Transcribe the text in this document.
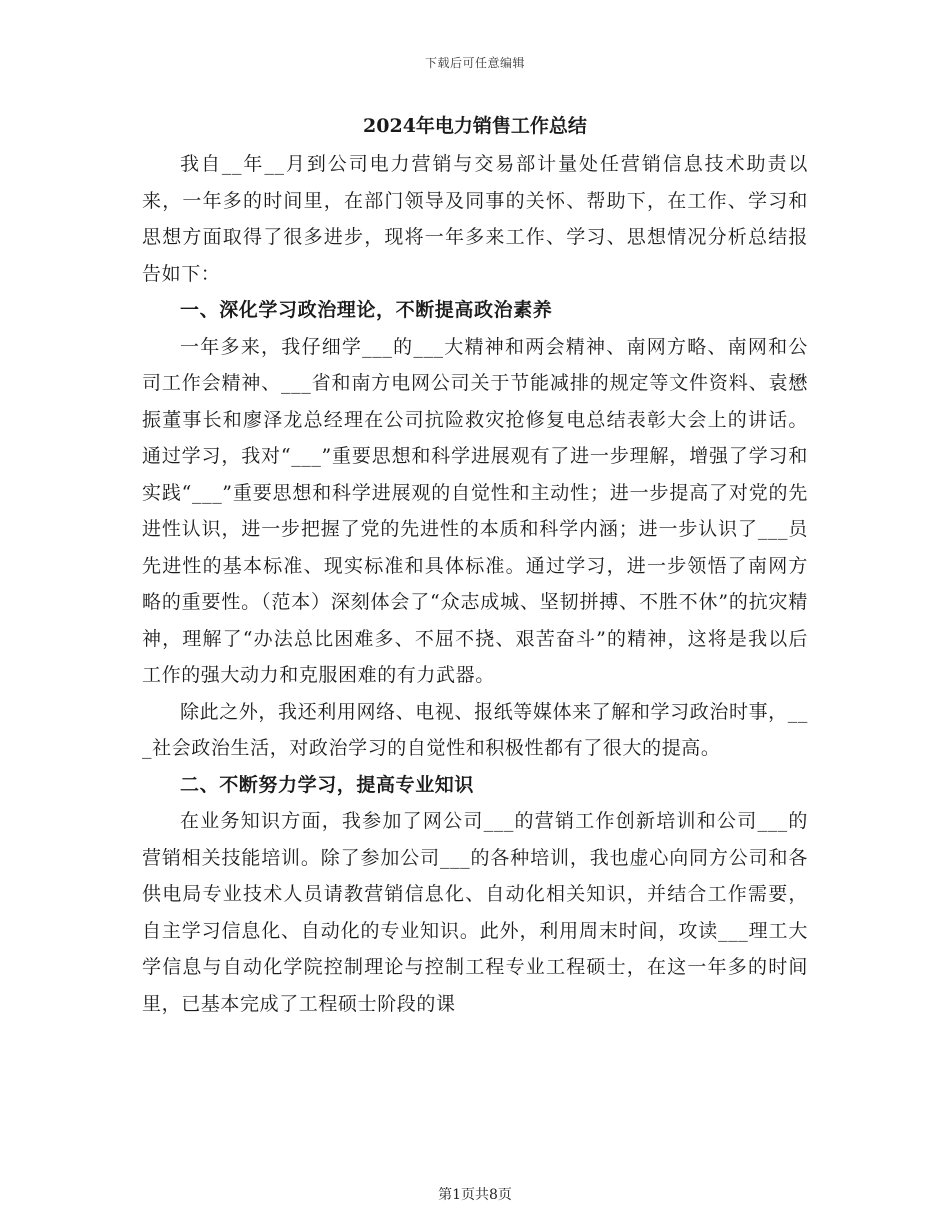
下载后可任意编辑
2024年电力销售工作总结

我自__年__月到公司电力营销与交易部计量处任营销信息技术助责以来，一年多的时间里，在部门领导及同事的关怀、帮助下，在工作、学习和思想方面取得了很多进步，现将一年多来工作、学习、思想情况分析总结报告如下：

一、深化学习政治理论，不断提高政治素养

一年多来，我仔细学___的___大精神和两会精神、南网方略、南网和公司工作会精神、___省和南方电网公司关于节能减排的规定等文件资料、袁懋振董事长和廖泽龙总经理在公司抗险救灾抢修复电总结表彰大会上的讲话。通过学习，我对“___”重要思想和科学进展观有了进一步理解，增强了学习和实践“___”重要思想和科学进展观的自觉性和主动性；进一步提高了对党的先进性认识，进一步把握了党的先进性的本质和科学内涵；进一步认识了___员先进性的基本标准、现实标准和具体标准。通过学习，进一步领悟了南网方略的重要性。（范本）深刻体会了“众志成城、坚韧拼搏、不胜不休”的抗灾精神，理解了“办法总比困难多、不屈不挠、艰苦奋斗”的精神，这将是我以后工作的强大动力和克服困难的有力武器。

除此之外，我还利用网络、电视、报纸等媒体来了解和学习政治时事，___社会政治生活，对政治学习的自觉性和积极性都有了很大的提高。

二、不断努力学习，提高专业知识

在业务知识方面，我参加了网公司___的营销工作创新培训和公司___的营销相关技能培训。除了参加公司___的各种培训，我也虚心向同方公司和各供电局专业技术人员请教营销信息化、自动化相关知识，并结合工作需要，自主学习信息化、自动化的专业知识。此外，利用周末时间，攻读___理工大学信息与自动化学院控制理论与控制工程专业工程硕士，在这一年多的时间里，已基本完成了工程硕士阶段的课

第1页共8页
